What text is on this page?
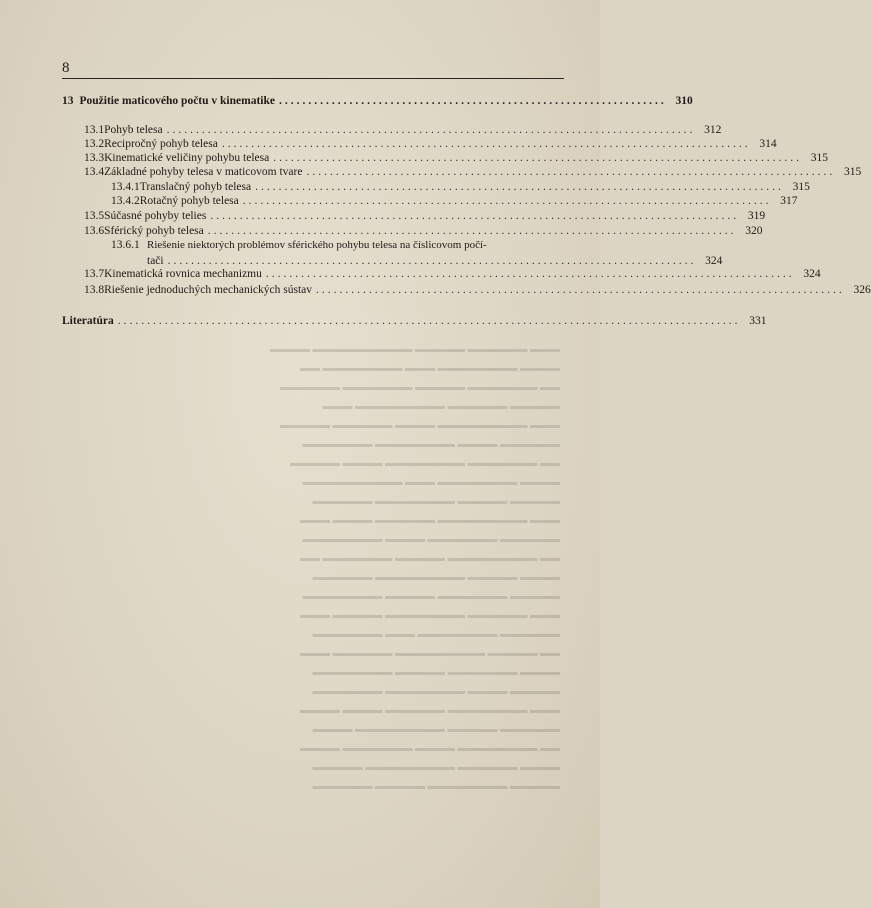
▬▬▬ ▬▬▬▬▬▬ ▬▬▬▬▬ ▬▬▬▬▬▬▬▬▬▬ ▬▬▬▬
▬▬▬▬ ▬▬▬▬▬▬▬▬ ▬▬▬ ▬▬▬▬▬▬▬▬ ▬▬
▬▬ ▬▬▬▬▬▬▬ ▬▬▬▬▬ ▬▬▬▬▬▬▬ ▬▬▬▬▬▬
▬▬▬▬▬ ▬▬▬▬▬▬ ▬▬▬▬▬▬▬▬▬ ▬▬▬
▬▬▬ ▬▬▬▬▬▬▬▬▬ ▬▬▬▬ ▬▬▬▬▬▬ ▬▬▬▬▬
▬▬▬▬▬▬ ▬▬▬▬ ▬▬▬▬▬▬▬▬ ▬▬▬▬▬▬▬
▬▬ ▬▬▬▬▬▬▬ ▬▬▬▬▬▬▬▬ ▬▬▬▬ ▬▬▬▬▬
▬▬▬▬ ▬▬▬▬▬▬▬▬ ▬▬▬ ▬▬▬▬▬▬▬▬▬▬
▬▬▬▬▬ ▬▬▬▬▬ ▬▬▬▬▬▬▬▬ ▬▬▬▬▬▬
▬▬▬ ▬▬▬▬▬▬▬▬▬ ▬▬▬▬▬▬ ▬▬▬▬ ▬▬▬
▬▬▬▬▬▬ ▬▬▬▬▬▬▬ ▬▬▬▬ ▬▬▬▬▬▬▬▬
▬▬ ▬▬▬▬▬▬▬▬▬ ▬▬▬▬▬ ▬▬▬▬▬▬▬ ▬▬
▬▬▬▬ ▬▬▬▬▬ ▬▬▬▬▬▬▬▬▬ ▬▬▬▬▬▬
▬▬▬▬▬ ▬▬▬▬▬▬▬ ▬▬▬▬▬ ▬▬▬▬▬▬▬▬
▬▬▬ ▬▬▬▬▬▬ ▬▬▬▬▬▬▬▬ ▬▬▬▬▬ ▬▬▬
▬▬▬▬▬▬ ▬▬▬▬▬▬▬▬ ▬▬▬ ▬▬▬▬▬▬▬
▬▬ ▬▬▬▬▬ ▬▬▬▬▬▬▬▬▬ ▬▬▬▬▬▬ ▬▬▬
▬▬▬▬ ▬▬▬▬▬▬▬ ▬▬▬▬▬ ▬▬▬▬▬▬▬▬
▬▬▬▬▬ ▬▬▬▬ ▬▬▬▬▬▬▬▬ ▬▬▬▬▬▬▬
▬▬▬ ▬▬▬▬▬▬▬▬ ▬▬▬▬▬▬ ▬▬▬▬ ▬▬▬▬
▬▬▬▬▬▬ ▬▬▬▬▬ ▬▬▬▬▬▬▬▬▬ ▬▬▬▬
▬▬ ▬▬▬▬▬▬▬▬ ▬▬▬▬ ▬▬▬▬▬▬▬ ▬▬▬▬
▬▬▬▬ ▬▬▬▬▬▬ ▬▬▬▬▬▬▬▬▬ ▬▬▬▬▬
▬▬▬▬▬ ▬▬▬▬▬▬▬▬ ▬▬▬▬▬ ▬▬▬▬▬▬
8
13 Použitie maticového počtu v kinematike .................................................................. 310
13.1 Pohyb telesa .......................................................................................... 312
13.2 Recipročný pohyb telesa .......................................................................................... 314
13.3 Kinematické veličiny pohybu telesa .......................................................................................... 315
13.4 Základné pohyby telesa v maticovom tvare .......................................................................................... 315
13.4.1 Translačný pohyb telesa .......................................................................................... 315
13.4.2 Rotačný pohyb telesa .......................................................................................... 317
13.5 Súčasné pohyby telies .......................................................................................... 319
13.6 Sférický pohyb telesa .......................................................................................... 320
13.6.1 Riešenie niektorých problémov sférického pohybu telesa na číslicovom počí-
tači .......................................................................................... 324
13.7 Kinematická rovnica mechanizmu .......................................................................................... 324
13.8 Riešenie jednoduchých mechanických sústav .......................................................................................... 326
Literatúra .......................................................................................................... 331
